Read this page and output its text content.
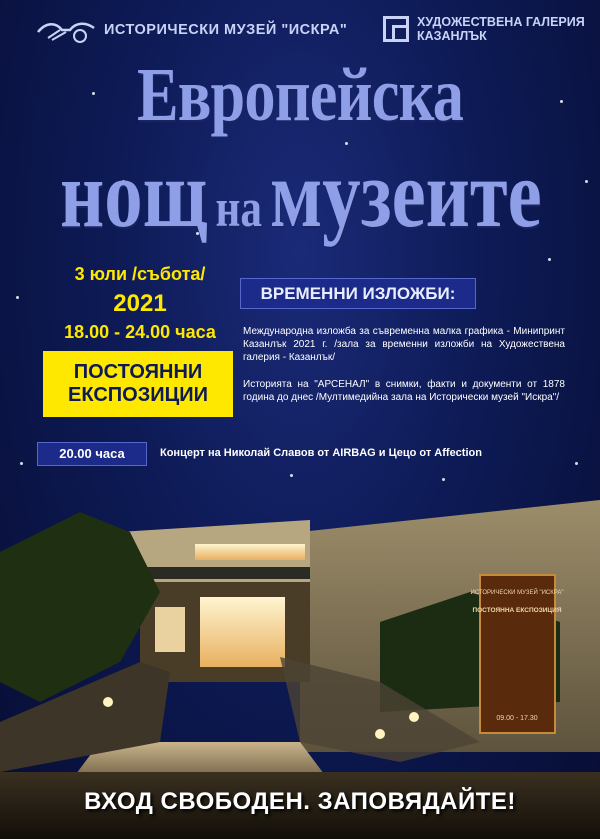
ИСТОРИЧЕСКИ МУЗЕЙ "ИСКРА"	ХУДОЖЕСТВЕНА ГАЛЕРИЯ
КАЗАНЛЪК
Европейска
нощ намузеите
3 юли /събота/
2021
18.00 - 24.00 часа
ПОСТОЯННИ
ЕКСПОЗИЦИИ
ВРЕМЕННИ ИЗЛОЖБИ:
Международна изложба за съвременна малка графика - Минипринт Казанлък 2021 г. /зала за временни изложби на Художествена галерия - Казанлък/
Историята на "АРСЕНАЛ" в снимки, факти и документи от 1878 година до днес /Мултимедийна зала на Исторически музей "Искра"/
20.00 часа	Концерт на Николай Славов от AIRBAG и Цецо от Affection
ИСТОРИЧЕСКИ МУЗЕЙ "ИСКРА"
ПОСТОЯННА ЕКСПОЗИЦИЯ
09.00 - 17.30
ВХОД СВОБОДЕН. ЗАПОВЯДАЙТЕ!
